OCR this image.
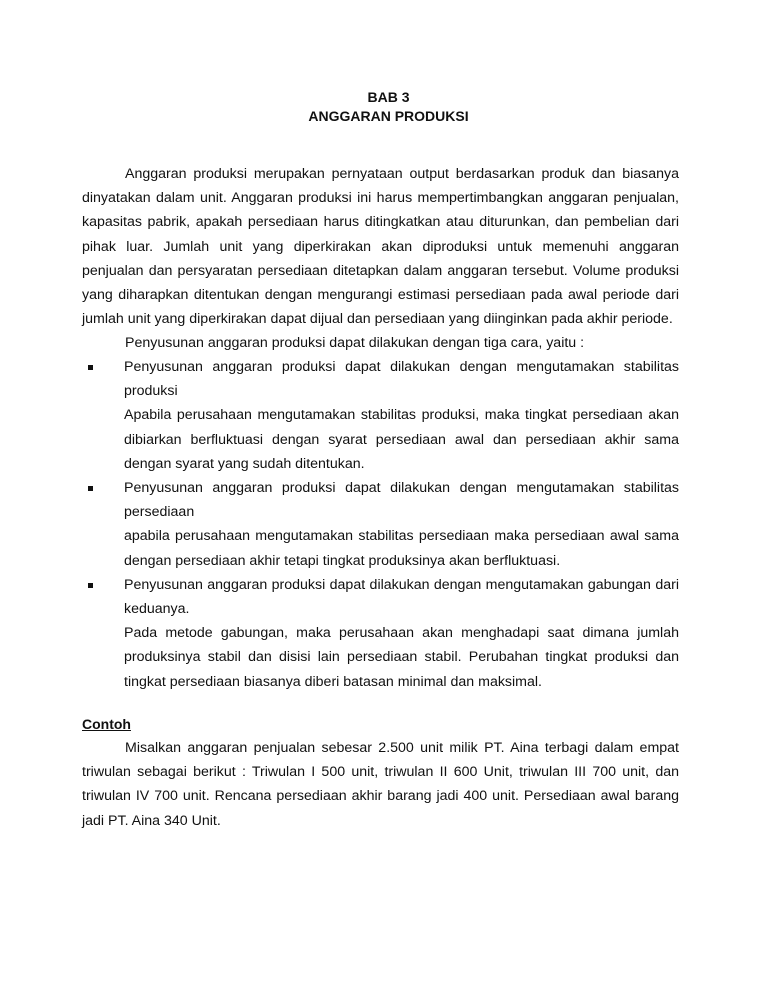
BAB 3
ANGGARAN PRODUKSI

Anggaran produksi merupakan pernyataan output berdasarkan produk dan biasanya dinyatakan dalam unit. Anggaran produksi ini harus mempertimbangkan anggaran penjualan, kapasitas pabrik, apakah persediaan harus ditingkatkan atau diturunkan, dan pembelian dari pihak luar. Jumlah unit yang diperkirakan akan diproduksi untuk memenuhi anggaran penjualan dan persyaratan persediaan ditetapkan dalam anggaran tersebut. Volume produksi yang diharapkan ditentukan dengan mengurangi estimasi persediaan pada awal periode dari jumlah unit yang diperkirakan dapat dijual dan persediaan yang diinginkan pada akhir periode.

Penyusunan anggaran produksi dapat dilakukan dengan tiga cara, yaitu :

Penyusunan anggaran produksi dapat dilakukan dengan mengutamakan stabilitas produksi

Apabila perusahaan mengutamakan stabilitas produksi, maka tingkat persediaan akan dibiarkan berfluktuasi dengan syarat persediaan awal dan persediaan akhir sama dengan syarat yang sudah ditentukan.

Penyusunan anggaran produksi dapat dilakukan dengan mengutamakan stabilitas persediaan

apabila perusahaan mengutamakan stabilitas persediaan maka persediaan awal sama dengan persediaan akhir tetapi tingkat produksinya akan berfluktuasi.

Penyusunan anggaran produksi dapat dilakukan dengan mengutamakan gabungan dari keduanya.

Pada metode gabungan, maka perusahaan akan menghadapi saat dimana jumlah produksinya stabil dan disisi lain persediaan stabil. Perubahan tingkat produksi dan tingkat persediaan biasanya diberi batasan minimal dan maksimal.

Contoh

Misalkan anggaran penjualan sebesar 2.500 unit milik PT. Aina terbagi dalam empat triwulan sebagai berikut : Triwulan I 500 unit, triwulan II 600 Unit, triwulan III 700 unit, dan triwulan IV 700 unit. Rencana persediaan akhir barang jadi 400 unit. Persediaan awal barang jadi PT. Aina 340 Unit.
